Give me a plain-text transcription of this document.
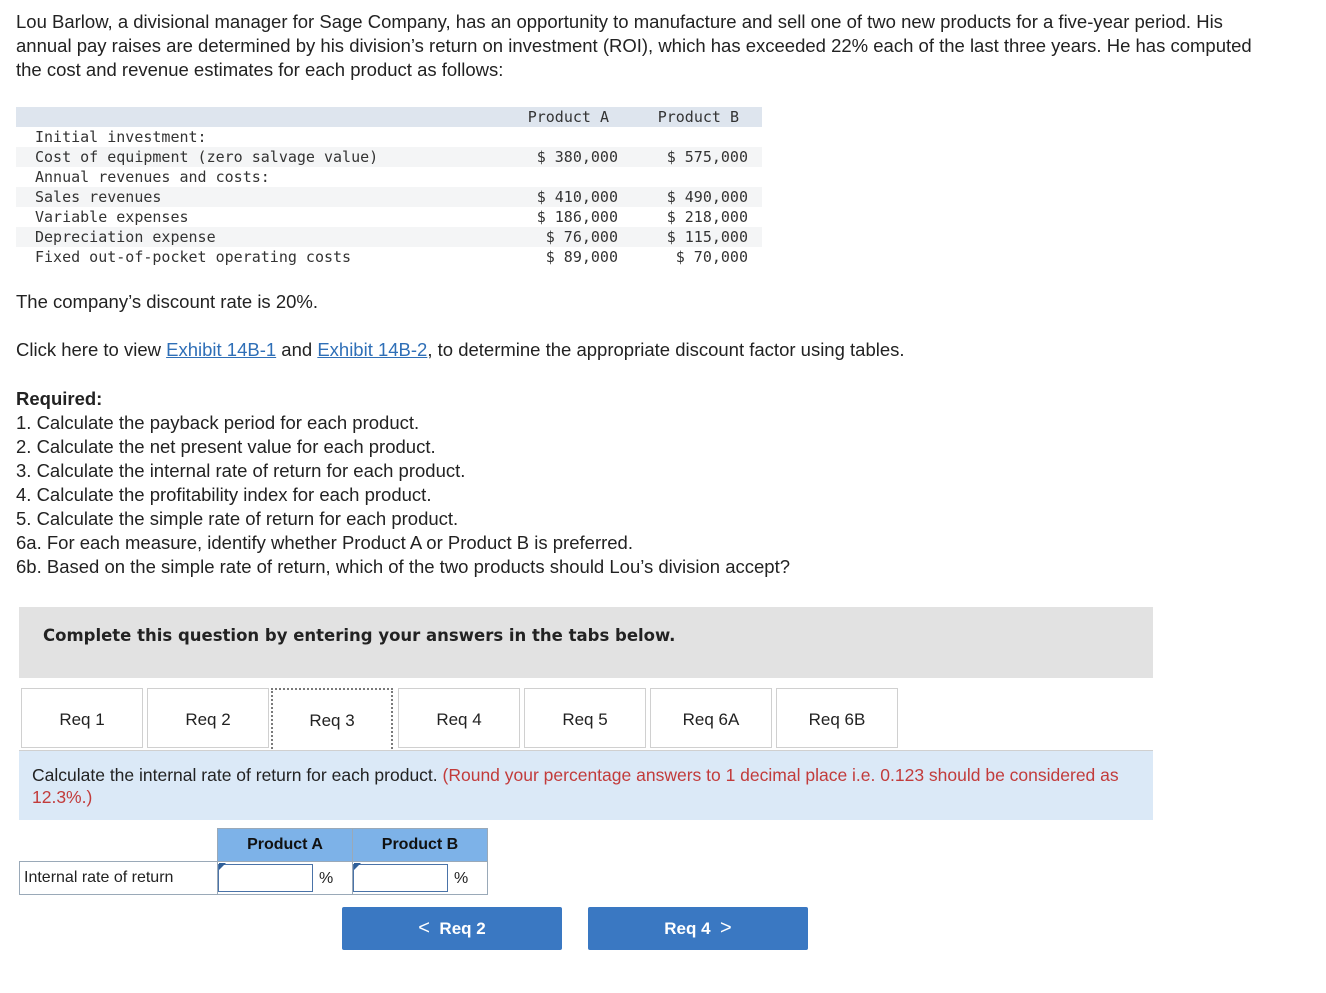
Lou Barlow, a divisional manager for Sage Company, has an opportunity to manufacture and sell one of two new products for a five-year period. His annual pay raises are determined by his division’s return on investment (ROI), which has exceeded 22% each of the last three years. He has computed the cost and revenue estimates for each product as follows:

Product A	Product B
Initial investment:
Cost of equipment (zero salvage value)	$ 380,000	$ 575,000
Annual revenues and costs:
Sales revenues	$ 410,000	$ 490,000
Variable expenses	$ 186,000	$ 218,000
Depreciation expense	$ 76,000	$ 115,000
Fixed out-of-pocket operating costs	$ 89,000	$ 70,000

The company’s discount rate is 20%.

Click here to view Exhibit 14B-1 and Exhibit 14B-2, to determine the appropriate discount factor using tables.

Required:
1. Calculate the payback period for each product.
2. Calculate the net present value for each product.
3. Calculate the internal rate of return for each product.
4. Calculate the profitability index for each product.
5. Calculate the simple rate of return for each product.
6a. For each measure, identify whether Product A or Product B is preferred.
6b. Based on the simple rate of return, which of the two products should Lou’s division accept?
Complete this question by entering your answers in the tabs below.
Req 1	Req 2	Req 3	Req 4	Req 5	Req 6A	Req 6B
Calculate the internal rate of return for each product. (Round your percentage answers to 1 decimal place i.e. 0.123 should be considered as 12.3%.)
	Product A	Product B
Internal rate of return	%	%
< Req 2	Req 4 >
